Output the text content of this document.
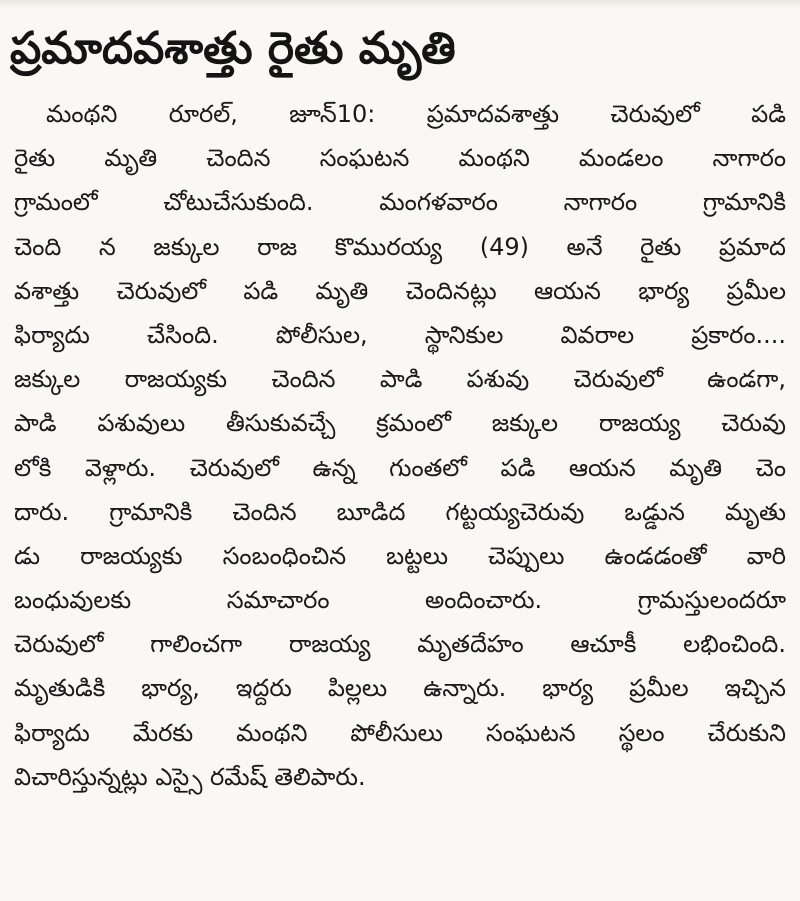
ప్రమాదవశాత్తు రైతు మృతి
మంథని రూరల్, జూన్10: ప్రమాదవశాత్తు చెరువులో పడి
రైతు మృతి చెందిన సంఘటన మంథని మండలం నాగారం
గ్రామంలో చోటుచేసుకుంది. మంగళవారం నాగారం గ్రామానికి
చెంది న జక్కుల రాజ కొమురయ్య (49) అనే రైతు ప్రమాద
వశాత్తు చెరువులో పడి మృతి చెందినట్లు ఆయన భార్య ప్రమీల
ఫిర్యాదు చేసింది. పోలీసుల, స్థానికుల వివరాల ప్రకారం....
జక్కుల రాజయ్యకు చెందిన పాడి పశువు చెరువులో ఉండగా,
పాడి పశువులు తీసుకువచ్చే క్రమంలో జక్కుల రాజయ్య చెరువు
లోకి వెళ్లారు. చెరువులో ఉన్న గుంతలో పడి ఆయన మృతి చెం
దారు. గ్రామానికి చెందిన బూడిద గట్టయ్యచెరువు ఒడ్డున మృతు
డు రాజయ్యకు సంబంధించిన బట్టలు చెప్పులు ఉండడంతో వారి
బంధువులకు సమాచారం అందించారు. గ్రామస్తులందరూ
చెరువులో గాలించగా రాజయ్య మృతదేహం ఆచూకీ లభించింది.
మృతుడికి భార్య, ఇద్దరు పిల్లలు ఉన్నారు. భార్య ప్రమీల ఇచ్చిన
ఫిర్యాదు మేరకు మంథని పోలీసులు సంఘటన స్థలం చేరుకుని
విచారిస్తున్నట్లు ఎస్సై రమేష్ తెలిపారు.
